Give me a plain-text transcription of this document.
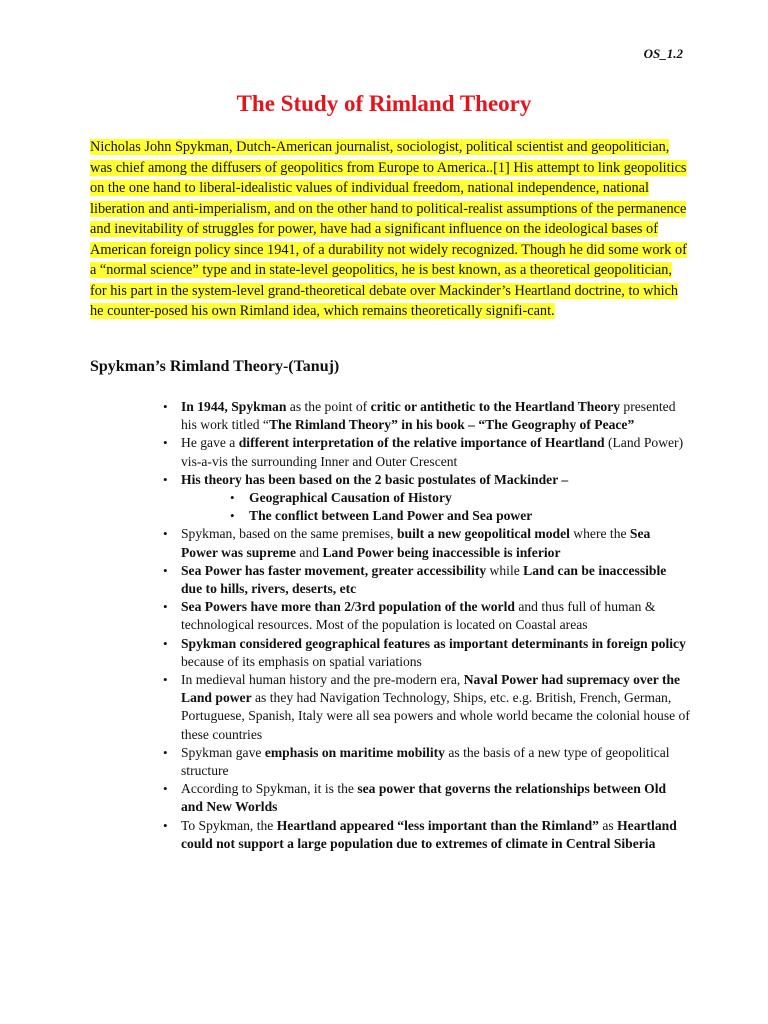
OS_1.2
The Study of Rimland Theory

Nicholas John Spykman, Dutch-American journalist, sociologist, political scientist and geopolitician, was chief among the diffusers of geopolitics from Europe to America..[1] His attempt to link geopolitics on the one hand to liberal-idealistic values of individual freedom, national independence, national liberation and anti-imperialism, and on the other hand to political-realist assumptions of the permanence and inevitability of struggles for power, have had a significant influence on the ideological bases of American foreign policy since 1941, of a durability not widely recognized. Though he did some work of a “normal science” type and in state-level geopolitics, he is best known, as a theoretical geopolitician, for his part in the system-level grand-theoretical debate over Mackinder’s Heartland doctrine, to which he counter-posed his own Rimland idea, which remains theoretically signifi-cant.

Spykman’s Rimland Theory-(Tanuj)
• In 1944, Spykman as the point of critic or antithetic to the Heartland Theory presented his work titled “The Rimland Theory” in his book – “The Geography of Peace”
• He gave a different interpretation of the relative importance of Heartland (Land Power) vis-a-vis the surrounding Inner and Outer Crescent
• His theory has been based on the 2 basic postulates of Mackinder –
• Geographical Causation of History
• The conflict between Land Power and Sea power
• Spykman, based on the same premises, built a new geopolitical model where the Sea Power was supreme and Land Power being inaccessible is inferior
• Sea Power has faster movement, greater accessibility while Land can be inaccessible due to hills, rivers, deserts, etc
• Sea Powers have more than 2/3rd population of the world and thus full of human & technological resources. Most of the population is located on Coastal areas
• Spykman considered geographical features as important determinants in foreign policy because of its emphasis on spatial variations
• In medieval human history and the pre-modern era, Naval Power had supremacy over the Land power as they had Navigation Technology, Ships, etc. e.g. British, French, German, Portuguese, Spanish, Italy were all sea powers and whole world became the colonial house of these countries
• Spykman gave emphasis on maritime mobility as the basis of a new type of geopolitical structure
• According to Spykman, it is the sea power that governs the relationships between Old and New Worlds
• To Spykman, the Heartland appeared “less important than the Rimland” as Heartland could not support a large population due to extremes of climate in Central Siberia
